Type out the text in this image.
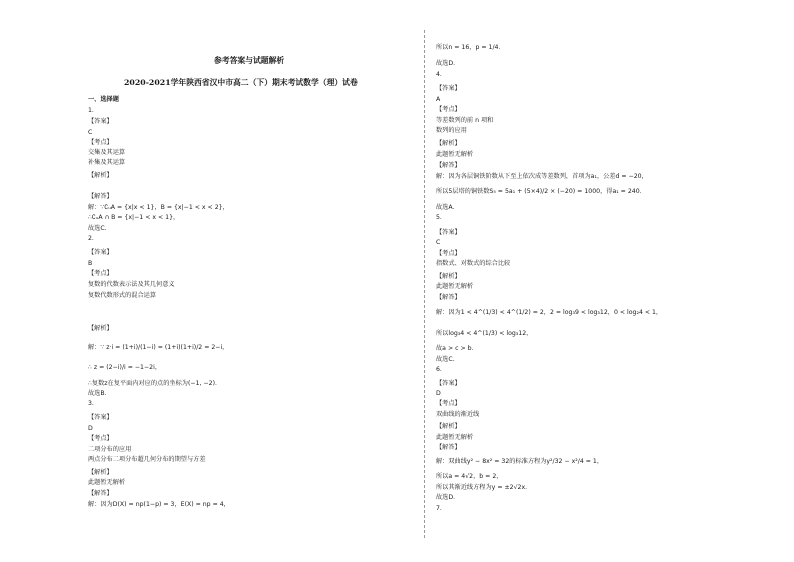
参考答案与试题解析
2020-2021学年陕西省汉中市高二（下）期末考试数学（理）试卷
一、选择题
1.
【答案】
C
【考点】
交集及其运算
补集及其运算
【解析】
【解答】
解：∵∁ᵤA = {x|x < 1}，B = {x|−1 < x < 2}，
∴∁ᵤA ∩ B = {x|−1 < x < 1}，
故选C.
2.
【答案】
B
【考点】
复数的代数表示法及其几何意义
复数代数形式的混合运算
【解析】
解：∵ z·i = (1+i)/(1−i) = (1+i)(1+i)/2 = 2−i，
∴ z = (2−i)/i = −1−2i，
∴复数z在复平面内对应的点的坐标为(−1, −2)．
故选B.
3.
【答案】
D
【考点】
二项分布的应用
两点分布二项分布超几何分布的期望与方差
【解析】
此题暂无解析
【解答】
解：因为D(X) = np(1−p) = 3，E(X) = np = 4，
所以n = 16，p = 1/4．
故选D.
4.
【答案】
A
【考点】
等差数列的前 n 项和
数列的应用
【解析】
此题暂无解析
【解答】
解：因为各层铜铁阶数从下至上依次成等差数列，首项为a₁，公差d = −20，
所以5层塔的铜铁数S₅ = 5a₁ + (5×4)/2 × (−20) = 1000，得a₁ = 240．
故选A.
5.
【答案】
C
【考点】
指数式、对数式的综合比较
【解析】
此题暂无解析
【解答】
解：因为1 < 4^(1/3) < 4^(1/2) = 2，2 = log₃9 < log₃12，0 < log₂4 < 1，
所以log₃4 < 4^(1/3) < log₃12，
故a > c > b．
故选C.
6.
【答案】
D
【考点】
双曲线的渐近线
【解析】
此题暂无解析
【解答】
解：双曲线y² − 8x² = 32的标准方程为y²/32 − x²/4 = 1，
所以a = 4√2，b = 2，
所以其渐近线方程为y = ±2√2x．
故选D.
7.
